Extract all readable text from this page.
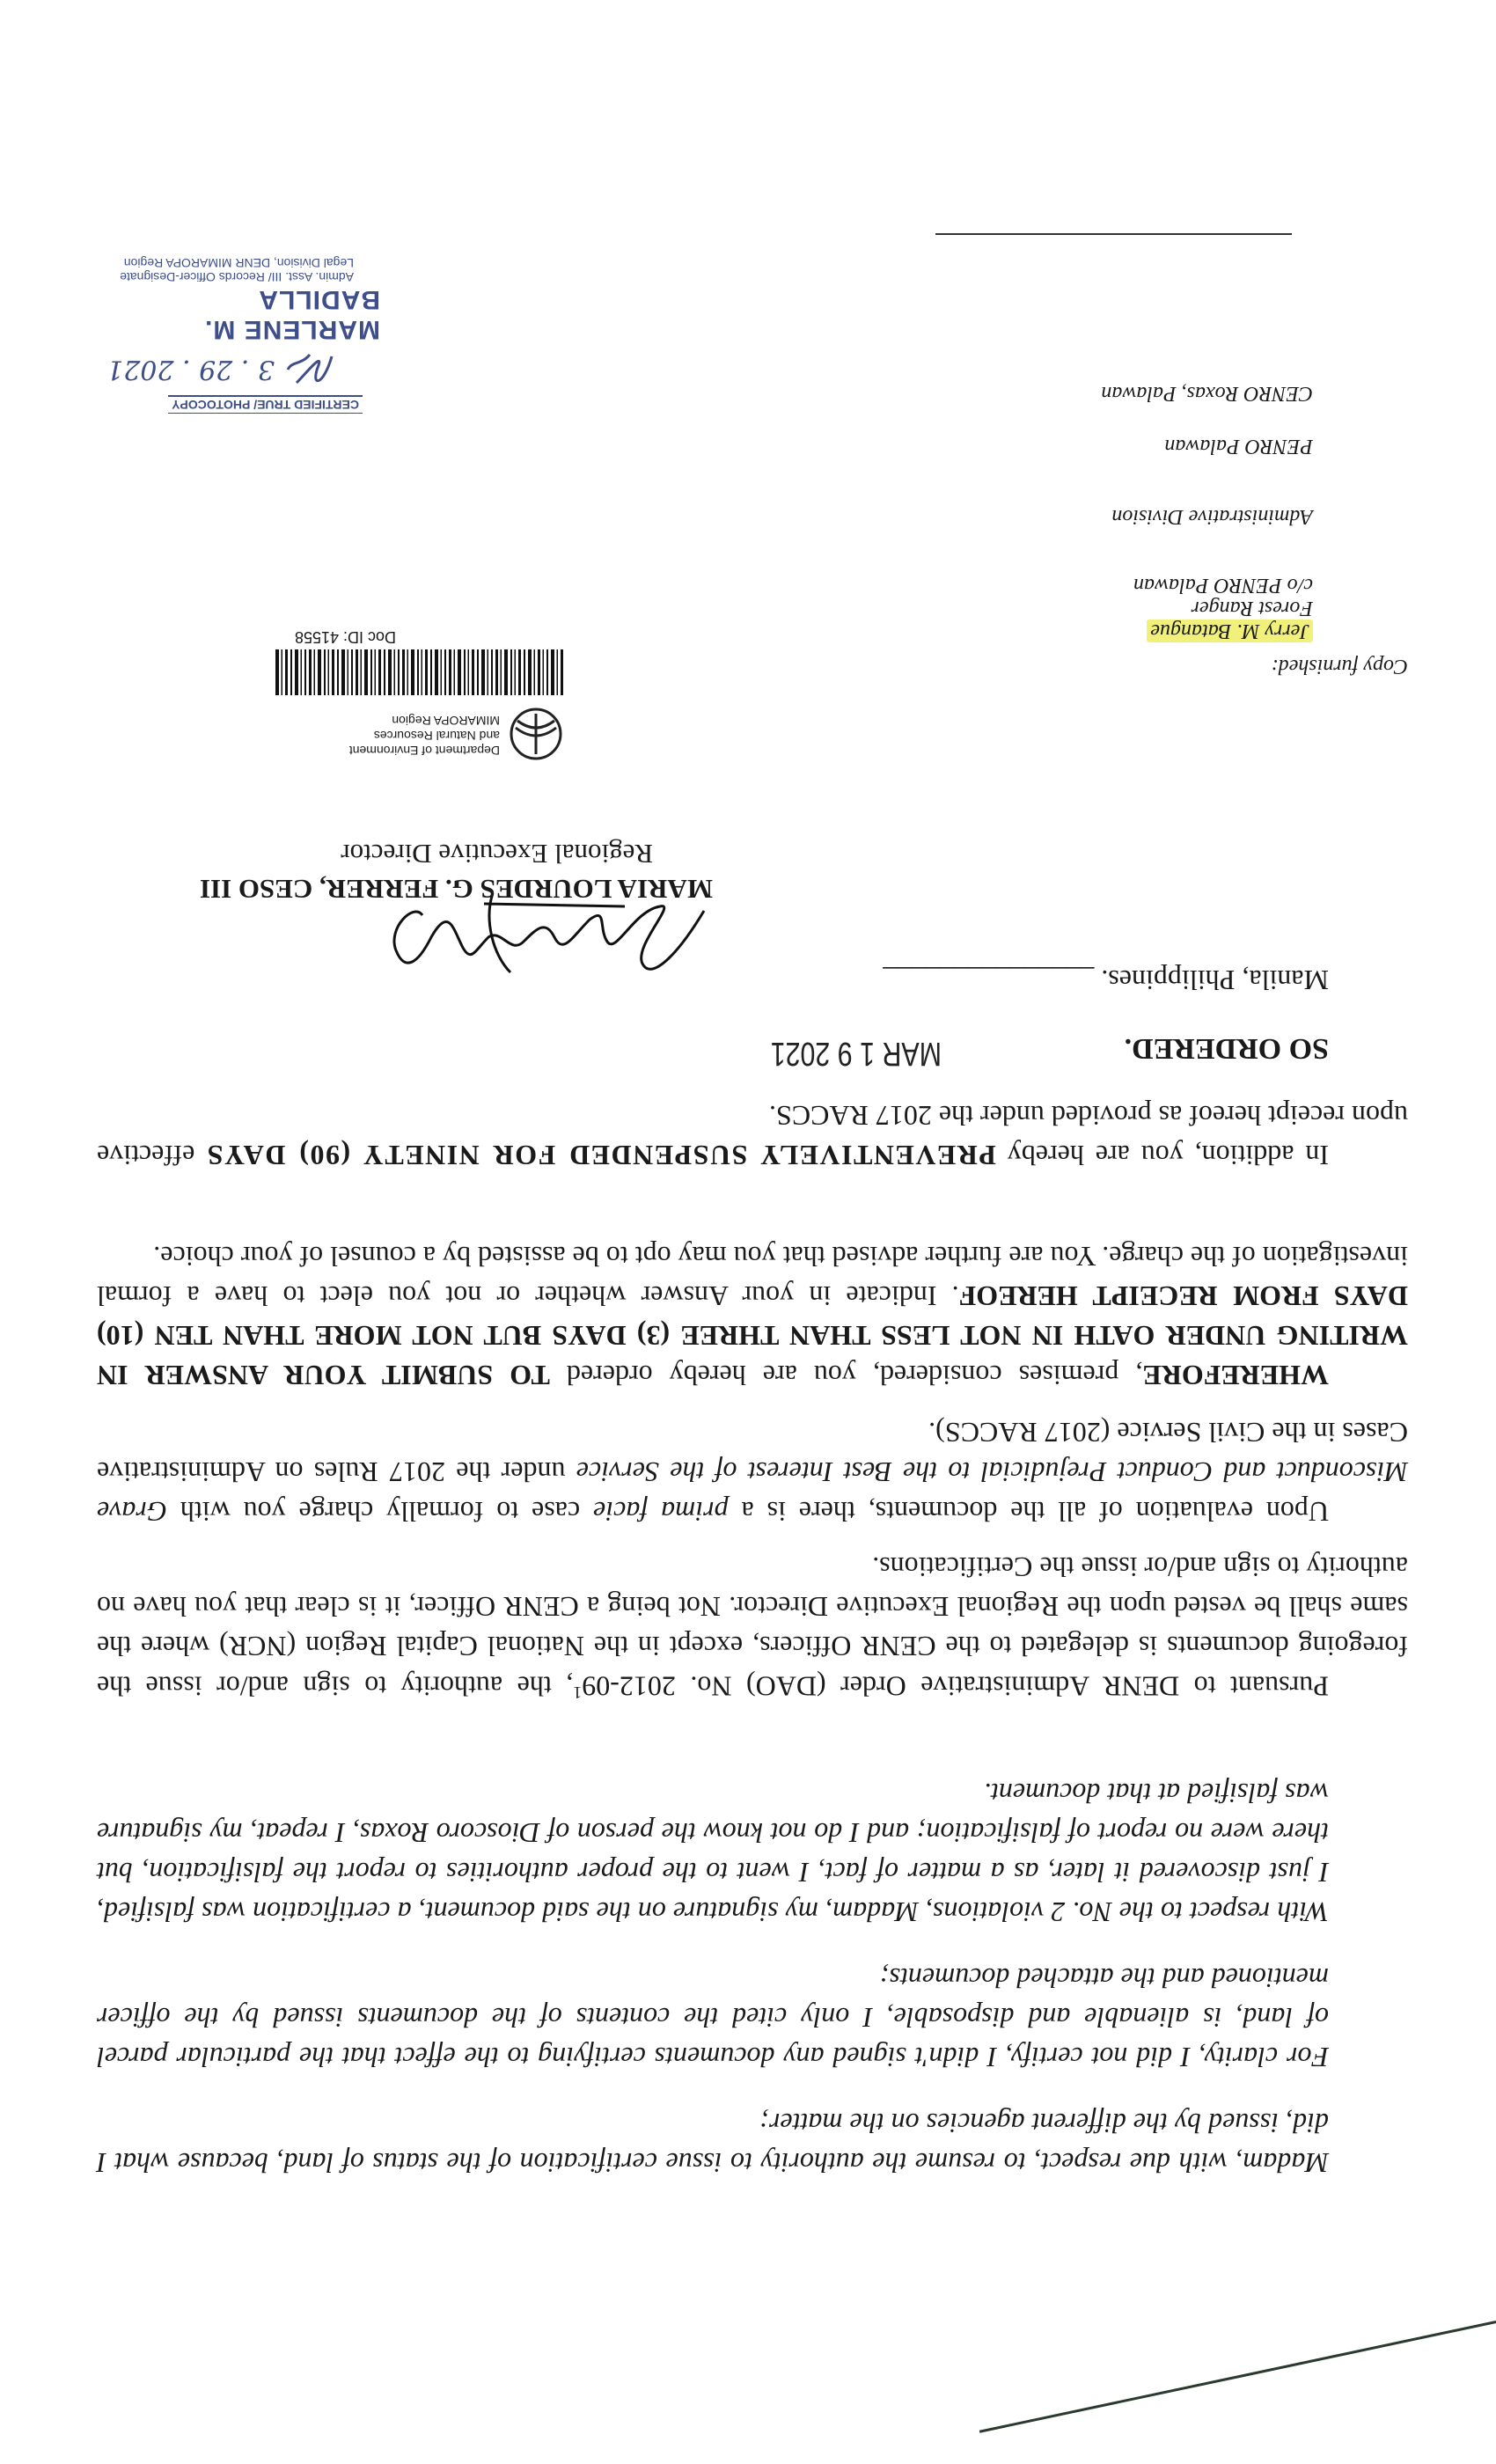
Madam, with due respect, to resume the authority to issue certification of the status of land, because what I did, issued by the different agencies on the matter;
For clarity, I did not certify, I didn't signed any documents certifying to the effect that the particular parcel of land, is alienable and disposable, I only cited the contents of the documents issued by the officer mentioned and the attached documents;
With respect to the No. 2 violations, Madam, my signature on the said document, a certification was falsified, I just discovered it later, as a matter of fact, I went to the proper authorities to report the falsification, but there were no report of falsification; and I do not know the person of Dioscoro Roxas, I repeat, my signature was falsified at that document.
Pursuant to DENR Administrative Order (DAO) No. $2012-09^1$, the authority to sign and/or issue the foregoing documents is delegated to the CENR Officers, except in the National Capital Region (NCR) where the same shall be vested upon the Regional Executive Director. Not being a CENR Officer, it is clear that you have no authority to sign and/or issue the Certifications.
Upon evaluation of all the documents, there is a prima facie case to formally charge you with Grave Misconduct and Conduct Prejudicial to the Best Interest of the Service under the 2017 Rules on Administrative Cases in the Civil Service (2017 RACCS).
WHEREFORE, premises considered, you are hereby ordered TO SUBMIT YOUR ANSWER IN WRITING UNDER OATH IN NOT LESS THAN THREE (3) DAYS BUT NOT MORE THAN TEN (10) DAYS FROM RECEIPT HEREOF. Indicate in your Answer whether or not you elect to have a formal investigation of the charge. You are further advised that you may opt to be assisted by a counsel of your choice.
In addition, you are hereby PREVENTIVELY SUSPENDED FOR NINETY (90) DAYS effective upon receipt hereof as provided under the 2017 RACCS.
SO ORDERED.
MAR 1 9 2021
Manila, Philippines. _______________
MARIA LOURDES G. FERRER, CESO III
Regional Executive Director
Department of Environment
and Natural Resources
MIMAROPA Region
Doc ID: 41558
Copy furnished:
Jerry M. Batangue
Forest Ranger
c/o PENRO Palawan
Administrative Division
PENRO Palawan
CENRO Roxas, Palawan
CERTIFIED TRUE/ PHOTOCOPY
3 . 29 . 2021
MARLENE M. BADILLA
Admin. Asst. III/ Records Officer-Designate
Legal Division, DENR MIMAROPA Region
